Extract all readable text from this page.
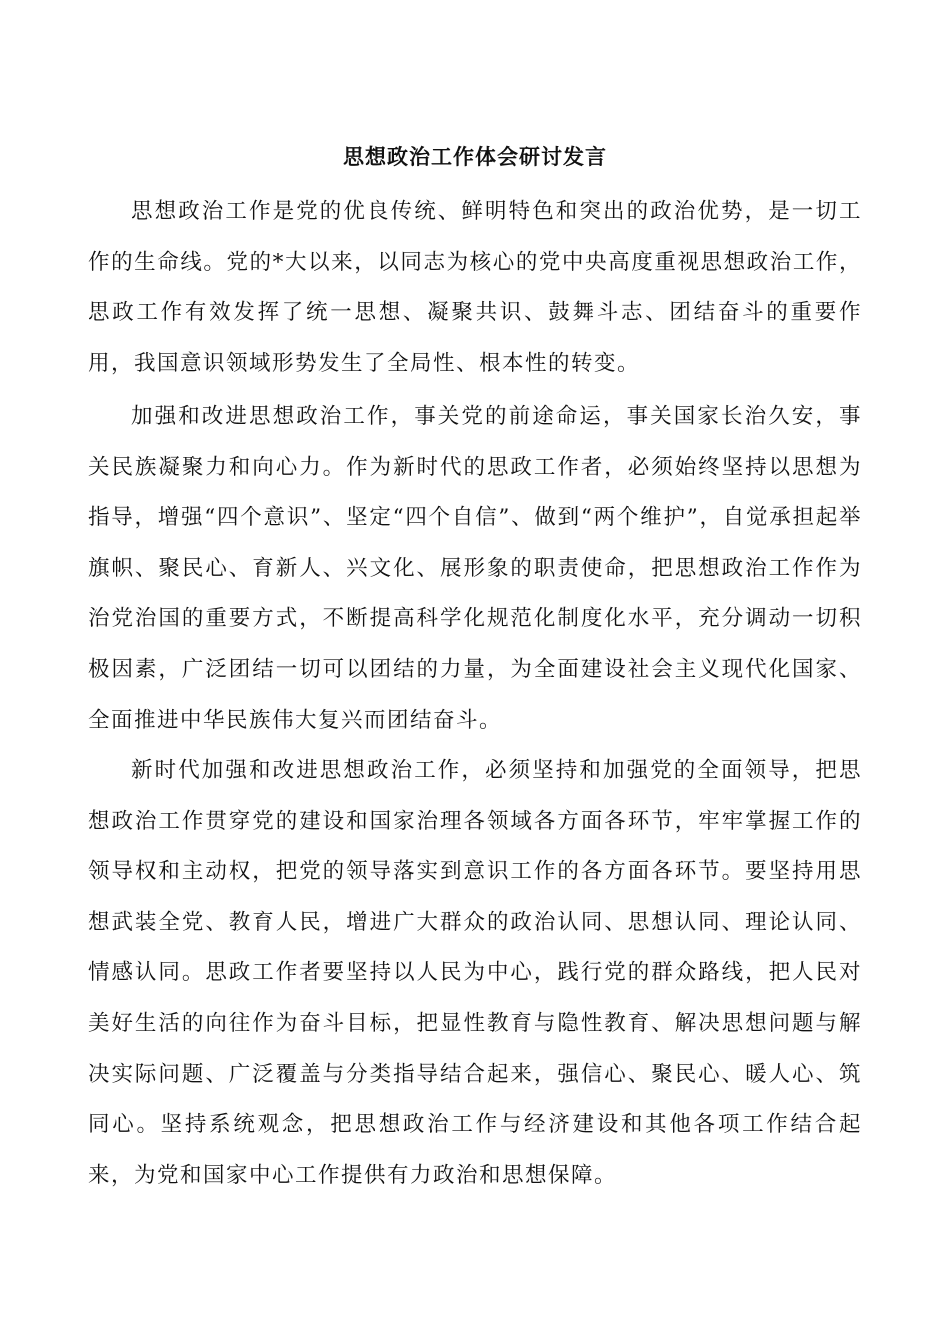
思想政治工作体会研讨发言

思想政治工作是党的优良传统、鲜明特色和突出的政治优势，是一切工作的生命线。党的*大以来，以同志为核心的党中央高度重视思想政治工作，思政工作有效发挥了统一思想、凝聚共识、鼓舞斗志、团结奋斗的重要作用，我国意识领域形势发生了全局性、根本性的转变。

加强和改进思想政治工作，事关党的前途命运，事关国家长治久安，事关民族凝聚力和向心力。作为新时代的思政工作者，必须始终坚持以思想为指导，增强“四个意识”、坚定“四个自信”、做到“两个维护”，自觉承担起举旗帜、聚民心、育新人、兴文化、展形象的职责使命，把思想政治工作作为治党治国的重要方式，不断提高科学化规范化制度化水平，充分调动一切积极因素，广泛团结一切可以团结的力量，为全面建设社会主义现代化国家、全面推进中华民族伟大复兴而团结奋斗。

新时代加强和改进思想政治工作，必须坚持和加强党的全面领导，把思想政治工作贯穿党的建设和国家治理各领域各方面各环节，牢牢掌握工作的领导权和主动权，把党的领导落实到意识工作的各方面各环节。要坚持用思想武装全党、教育人民，增进广大群众的政治认同、思想认同、理论认同、情感认同。思政工作者要坚持以人民为中心，践行党的群众路线，把人民对美好生活的向往作为奋斗目标，把显性教育与隐性教育、解决思想问题与解决实际问题、广泛覆盖与分类指导结合起来，强信心、聚民心、暖人心、筑同心。坚持系统观念，把思想政治工作与经济建设和其他各项工作结合起来，为党和国家中心工作提供有力政治和思想保障。
